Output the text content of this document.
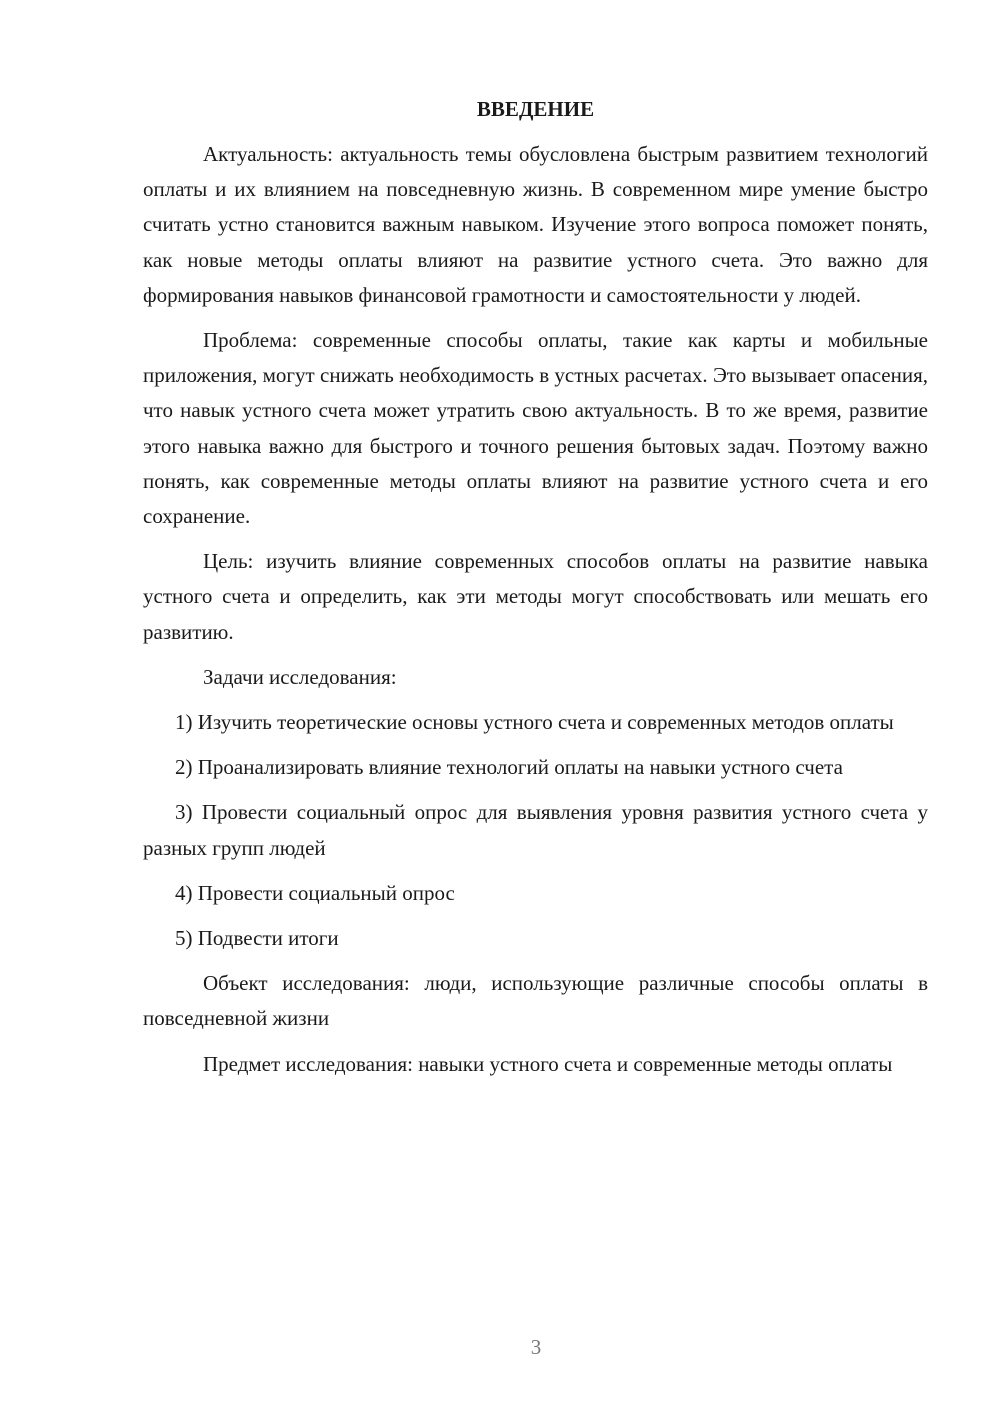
ВВЕДЕНИЕ

Актуальность: актуальность темы обусловлена быстрым развитием технологий оплаты и их влиянием на повседневную жизнь. В современном мире умение быстро считать устно становится важным навыком. Изучение этого вопроса поможет понять, как новые методы оплаты влияют на развитие устного счета. Это важно для формирования навыков финансовой грамотности и самостоятельности у людей.

Проблема: современные способы оплаты, такие как карты и мобильные приложения, могут снижать необходимость в устных расчетах. Это вызывает опасения, что навык устного счета может утратить свою актуальность. В то же время, развитие этого навыка важно для быстрого и точного решения бытовых задач. Поэтому важно понять, как современные методы оплаты влияют на развитие устного счета и его сохранение.

Цель: изучить влияние современных способов оплаты на развитие навыка устного счета и определить, как эти методы могут способствовать или мешать его развитию.

Задачи исследования:

1) Изучить теоретические основы устного счета и современных методов оплаты

2) Проанализировать влияние технологий оплаты на навыки устного счета

3) Провести социальный опрос для выявления уровня развития устного счета у разных групп людей

4) Провести социальный опрос

5) Подвести итоги

Объект исследования: люди, использующие различные способы оплаты в повседневной жизни

Предмет исследования: навыки устного счета и современные методы оплаты

3
